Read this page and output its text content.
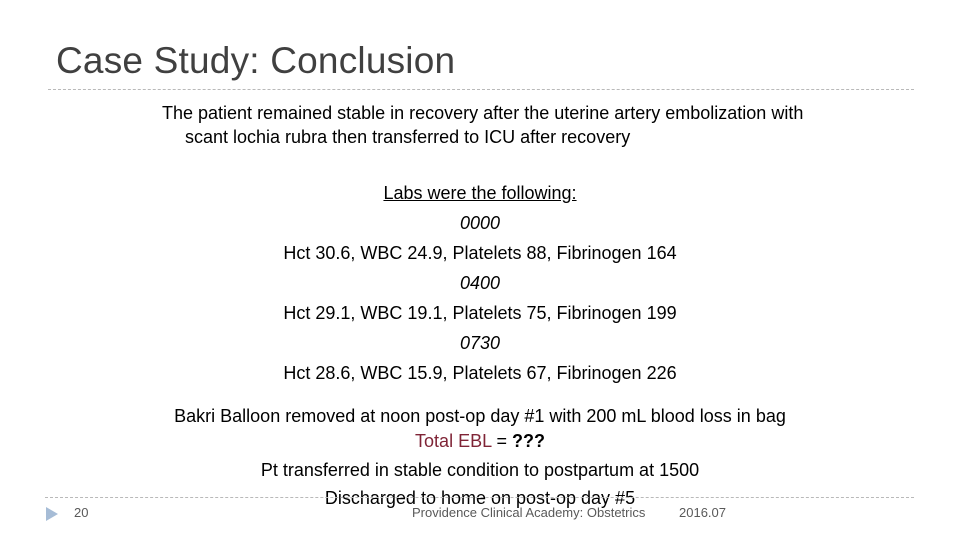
Case Study: Conclusion
The patient remained stable in recovery after the uterine artery embolization with scant lochia rubra then transferred to ICU after recovery
Labs were the following:
0000
Hct 30.6, WBC 24.9, Platelets 88, Fibrinogen 164
0400
Hct 29.1, WBC 19.1, Platelets 75, Fibrinogen 199
0730
Hct 28.6, WBC 15.9, Platelets 67, Fibrinogen 226
Bakri Balloon removed at noon post-op day #1 with 200 mL blood loss in bag Total EBL = ???
Pt transferred in stable condition to postpartum at 1500
Discharged to home on post-op day #5
20	Providence Clinical Academy: Obstetrics	2016.07
